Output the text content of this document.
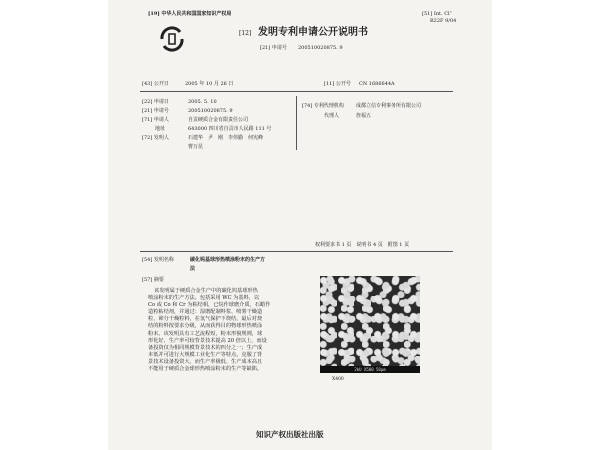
[19] 中华人民共和国国家知识产权局	[51] Int. Cl⁷
B22F 9/04
[12] 发明专利申请公开说明书
[21] 申请号 200510020875. 9
[43] 公开日	2005 年 10 月 26 日	[11] 公开号 CN 1686644A
[22] 申请日	2005. 5. 10
[21] 申请号	200510020875. 9
[71] 申请人	自贡硬质合金有限责任公司
地址	643000 四川省自贡市人民路 111 号
[72] 发明人	石建华　尹　刚　李伟勤　何宪峰
曹万昆
[74] 专利代理机构 成都立信专利事务所有限公司
代理人	詹福五
权利要求书 1 页　说明书 4 页　附图 1 页
[54] 发明名称	碳化钨基球形热喷涂粉末的生产方
法
[57] 摘要

该发明属于硬质合金生产中的碳化钨基球形热

喷涂粉末的生产方法。包括采用 WC 为基料，以

Co 或 Co 和 Cr 为粘结相，已烷作球磨介质，石蜡作

造粒粘结剂，并通过：湿磨配制料浆、喷雾干燥造

粒、筛分干燥粒料，在氢气保护下烧结，最后对烧

结的粉料按要求分级，从而获得目的物球形热喷涂

粉末。该发明具有工艺流程短，粉末形貌规则，球

形化好，生产率可较背景技术提高 20 倍以上，而设

备投资仅为相同规模背景技术的四分之一；生产成

本低并可进行大规模工业化生产等特点。克服了背

景技术设备投资大、而生产率极低、生产成本高且

不能用于硬质合金球形热喷涂粉末的生产等缺陷。	2kU X500 50µm
X400
知识产权出版社出版
